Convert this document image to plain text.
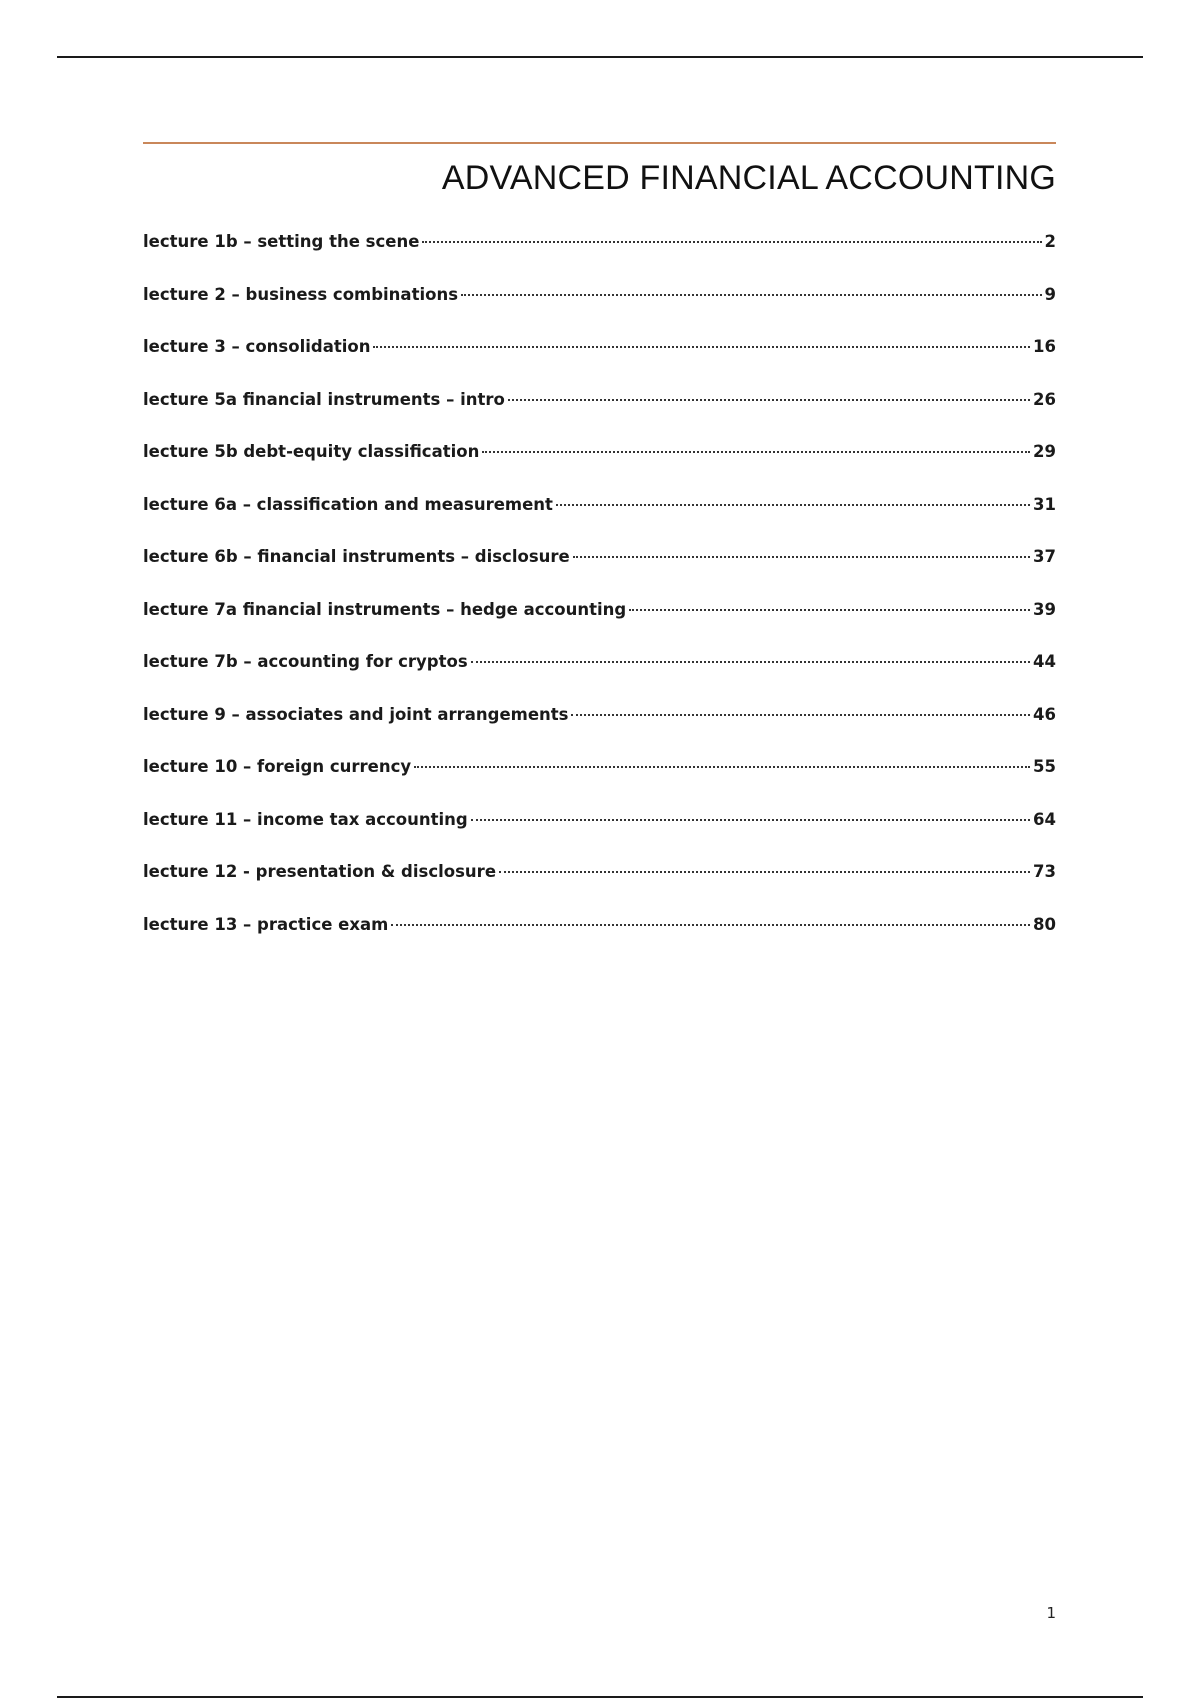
ADVANCED FINANCIAL ACCOUNTING
lecture 1b – setting the scene	2
lecture 2 – business combinations	9
lecture 3 – consolidation	16
lecture 5a financial instruments – intro	26
lecture 5b debt-equity classification	29
lecture 6a – classification and measurement	31
lecture 6b – financial instruments – disclosure	37
lecture 7a financial instruments – hedge accounting	39
lecture 7b – accounting for cryptos	44
lecture 9 – associates and joint arrangements	46
lecture 10 – foreign currency	55
lecture 11 – income tax accounting	64
lecture 12 - presentation & disclosure	73
lecture 13 – practice exam	80
1
